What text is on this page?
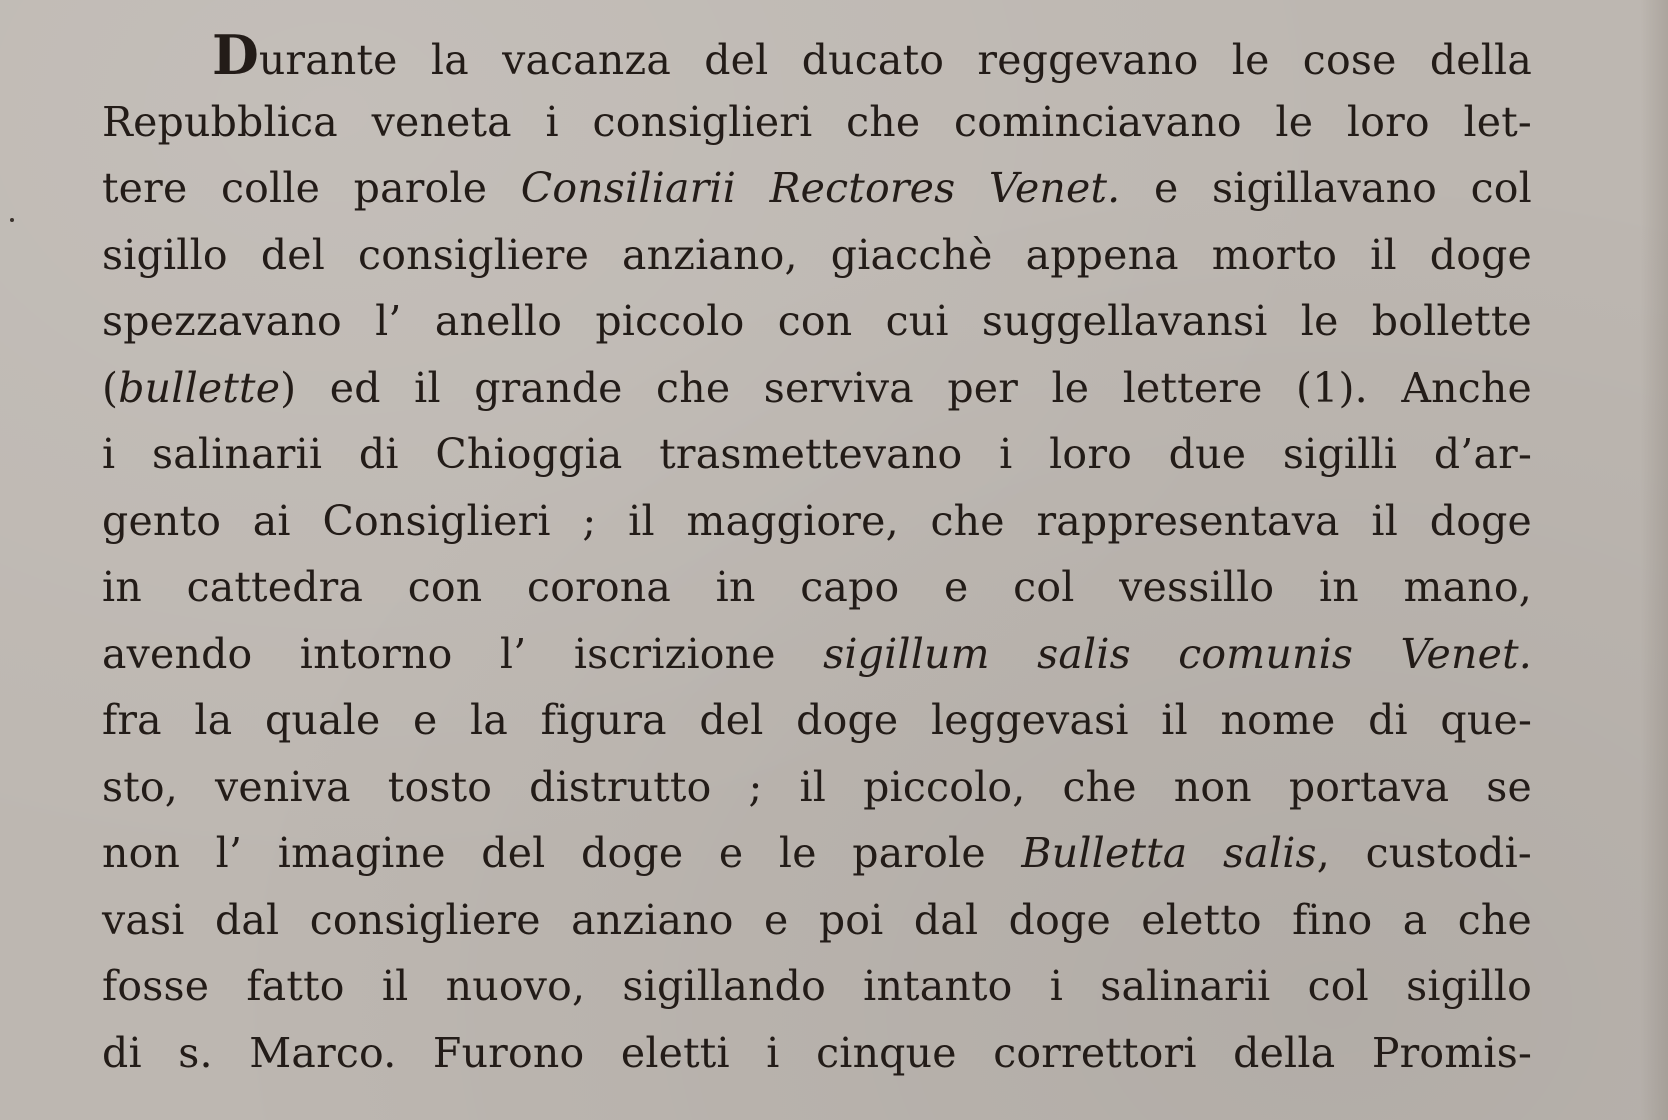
Durante la vacanza del ducato reggevano le cose della
Repubblica veneta i consiglieri che cominciavano le loro let-
tere colle parole Consiliarii Rectores Venet. e sigillavano col
sigillo del consigliere anziano, giacchè appena morto il doge
spezzavano l’ anello piccolo con cui suggellavansi le bollette
(bullette) ed il grande che serviva per le lettere (1). Anche
i salinarii di Chioggia trasmettevano i loro due sigilli d’ar-
gento ai Consiglieri ; il maggiore, che rappresentava il doge
in cattedra con corona in capo e col vessillo in mano,
avendo intorno l’ iscrizione sigillum salis comunis Venet.
fra la quale e la figura del doge leggevasi il nome di que-
sto, veniva tosto distrutto ; il piccolo, che non portava se
non l’ imagine del doge e le parole Bulletta salis, custodi-
vasi dal consigliere anziano e poi dal doge eletto fino a che
fosse fatto il nuovo, sigillando intanto i salinarii col sigillo
di s. Marco. Furono eletti i cinque correttori della Promis-
